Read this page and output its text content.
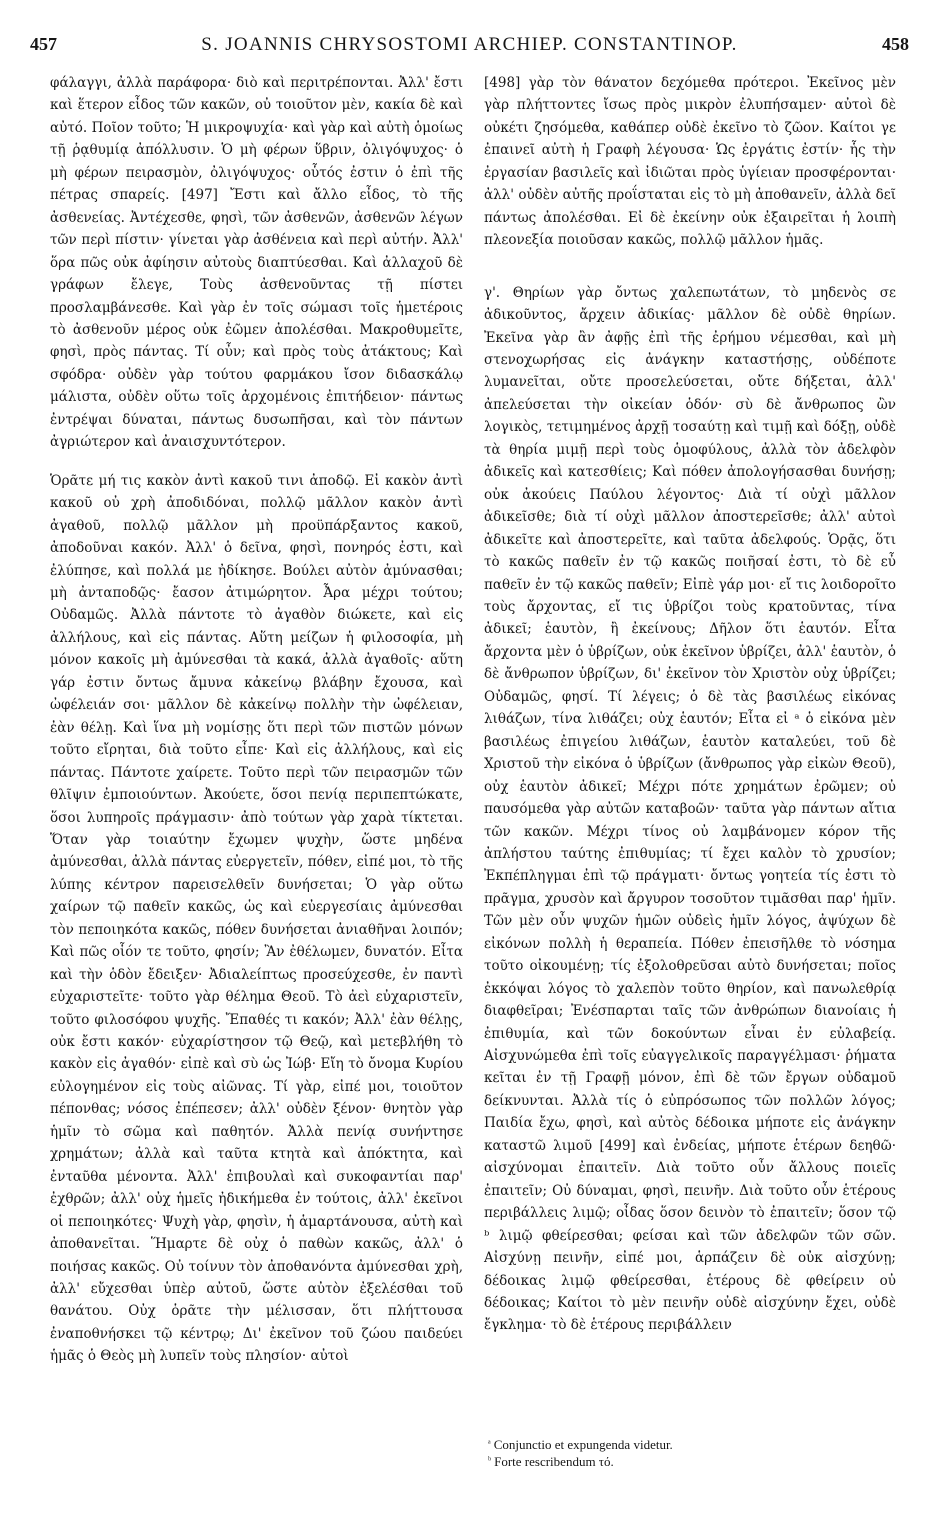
457	S. JOANNIS CHRYSOSTOMI ARCHIEP. CONSTANTINOP.	458

φάλαγγι, ἀλλὰ παράφορα· διὸ καὶ περιτρέπονται. Ἀλλ' ἔστι καὶ ἕτερον εἶδος τῶν κακῶν, οὐ τοιοῦτον μὲν, κακία δὲ καὶ αὐτό. Ποῖον τοῦτο; Ἡ μικροψυχία· καὶ γὰρ καὶ αὐτὴ ὁμοίως τῇ ῥᾳθυμίᾳ ἀπόλλυσιν. Ὁ μὴ φέρων ὕβριν, ὀλιγόψυχος· ὁ μὴ φέρων πειρασμὸν, ὀλιγόψυχος· οὗτός ἐστιν ὁ ἐπὶ τῆς πέτρας σπαρείς. [497] Ἔστι καὶ ἄλλο εἶδος, τὸ τῆς ἀσθενείας. Ἀντέχεσθε, φησὶ, τῶν ἀσθενῶν, ἀσθενῶν λέγων τῶν περὶ πίστιν· γίνεται γὰρ ἀσθένεια καὶ περὶ αὐτήν. Ἀλλ' ὅρα πῶς οὐκ ἀφίησιν αὐτοὺς διαπτύεσθαι. Καὶ ἀλλαχοῦ δὲ γράφων ἔλεγε, Τοὺς ἀσθενοῦντας τῇ πίστει προσλαμβάνεσθε. Καὶ γὰρ ἐν τοῖς σώμασι τοῖς ἡμετέροις τὸ ἀσθενοῦν μέρος οὐκ ἐῶμεν ἀπολέσθαι. Μακροθυμεῖτε, φησὶ, πρὸς πάντας. Τί οὖν; καὶ πρὸς τοὺς ἀτάκτους; Καὶ σφόδρα· οὐδὲν γὰρ τούτου φαρμάκου ἴσον διδασκάλῳ μάλιστα, οὐδὲν οὕτω τοῖς ἀρχομένοις ἐπιτήδειον· πάντως ἐντρέψαι δύναται, πάντως δυσωπῆσαι, καὶ τὸν πάντων ἀγριώτερον καὶ ἀναισχυντότερον.

Ὁρᾶτε μή τις κακὸν ἀντὶ κακοῦ τινι ἀποδῷ. Εἰ κακὸν ἀντὶ κακοῦ οὐ χρὴ ἀποδιδόναι, πολλῷ μᾶλλον κακὸν ἀντὶ ἀγαθοῦ, πολλῷ μᾶλλον μὴ προϋπάρξαντος κακοῦ, ἀποδοῦναι κακόν. Ἀλλ' ὁ δεῖνα, φησὶ, πονηρός ἐστι, καὶ ἐλύπησε, καὶ πολλά με ἠδίκησε. Βούλει αὐτὸν ἀμύνασθαι; μὴ ἀνταποδῷς· ἔασον ἀτιμώρητον. Ἆρα μέχρι τούτου; Οὐδαμῶς. Ἀλλὰ πάντοτε τὸ ἀγαθὸν διώκετε, καὶ εἰς ἀλλήλους, καὶ εἰς πάντας. Αὕτη μείζων ἡ φιλοσοφία, μὴ μόνον κακοῖς μὴ ἀμύνεσθαι τὰ κακά, ἀλλὰ ἀγαθοῖς· αὕτη γάρ ἐστιν ὄντως ἄμυνα κἀκείνῳ βλάβην ἔχουσα, καὶ ὠφέλειάν σοι· μᾶλλον δὲ κἀκείνῳ πολλὴν τὴν ὠφέλειαν, ἐὰν θέλῃ. Καὶ ἵνα μὴ νομίσῃς ὅτι περὶ τῶν πιστῶν μόνων τοῦτο εἴρηται, διὰ τοῦτο εἶπε· Καὶ εἰς ἀλλήλους, καὶ εἰς πάντας. Πάντοτε χαίρετε. Τοῦτο περὶ τῶν πειρασμῶν τῶν θλῖψιν ἐμποιούντων. Ἀκούετε, ὅσοι πενίᾳ περιπεπτώκατε, ὅσοι λυπηροῖς πράγμασιν· ἀπὸ τούτων γὰρ χαρὰ τίκτεται. Ὅταν γὰρ τοιαύτην ἔχωμεν ψυχὴν, ὥστε μηδένα ἀμύνεσθαι, ἀλλὰ πάντας εὐεργετεῖν, πόθεν, εἰπέ μοι, τὸ τῆς λύπης κέντρον παρεισελθεῖν δυνήσεται; Ὁ γὰρ οὕτω χαίρων τῷ παθεῖν κακῶς, ὡς καὶ εὐεργεσίαις ἀμύνεσθαι τὸν πεποιηκότα κακῶς, πόθεν δυνήσεται ἀνιαθῆναι λοιπόν; Καὶ πῶς οἷόν τε τοῦτο, φησίν; Ἂν ἐθέλωμεν, δυνατόν. Εἶτα καὶ τὴν ὁδὸν ἔδειξεν· Ἀδιαλείπτως προσεύχεσθε, ἐν παντὶ εὐχαριστεῖτε· τοῦτο γὰρ θέλημα Θεοῦ. Τὸ ἀεὶ εὐχαριστεῖν, τοῦτο φιλοσόφου ψυχῆς. Ἔπαθές τι κακόν; Ἀλλ' ἐὰν θέλῃς, οὐκ ἔστι κακόν· εὐχαρίστησον τῷ Θεῷ, καὶ μετεβλήθη τὸ κακὸν εἰς ἀγαθόν· εἰπὲ καὶ σὺ ὡς Ἰώβ· Εἴη τὸ ὄνομα Κυρίου εὐλογημένον εἰς τοὺς αἰῶνας. Τί γὰρ, εἰπέ μοι, τοιοῦτον πέπονθας; νόσος ἐπέπεσεν; ἀλλ' οὐδὲν ξένον· θνητὸν γὰρ ἡμῖν τὸ σῶμα καὶ παθητόν. Ἀλλὰ πενίᾳ συνήντησε χρημάτων; ἀλλὰ καὶ ταῦτα κτητὰ καὶ ἀπόκτητα, καὶ ἐνταῦθα μένοντα. Ἀλλ' ἐπιβουλαὶ καὶ συκοφαντίαι παρ' ἐχθρῶν; ἀλλ' οὐχ ἡμεῖς ἠδικήμεθα ἐν τούτοις, ἀλλ' ἐκεῖνοι οἱ πεποιηκότες· Ψυχὴ γὰρ, φησὶν, ἡ ἁμαρτάνουσα, αὐτὴ καὶ ἀποθανεῖται. Ἥμαρτε δὲ οὐχ ὁ παθὼν κακῶς, ἀλλ' ὁ ποιήσας κακῶς. Οὐ τοίνυν τὸν ἀποθανόντα ἀμύνεσθαι χρὴ, ἀλλ' εὔχεσθαι ὑπὲρ αὐτοῦ, ὥστε αὐτὸν ἐξελέσθαι τοῦ θανάτου. Οὐχ ὁρᾶτε τὴν μέλισσαν, ὅτι πλήττουσα ἐναποθνήσκει τῷ κέντρῳ; Δι' ἐκεῖνον τοῦ ζώου παιδεύει ἡμᾶς ὁ Θεὸς μὴ λυπεῖν τοὺς πλησίον· αὐτοὶ

[498] γὰρ τὸν θάνατον δεχόμεθα πρότεροι. Ἐκεῖνος μὲν γὰρ πλήττοντες ἴσως πρὸς μικρὸν ἐλυπήσαμεν· αὐτοὶ δὲ οὐκέτι ζησόμεθα, καθάπερ οὐδὲ ἐκεῖνο τὸ ζῶον. Καίτοι γε ἐπαινεῖ αὐτὴ ἡ Γραφὴ λέγουσα· Ὡς ἐργάτις ἐστίν· ἧς τὴν ἐργασίαν βασιλεῖς καὶ ἰδιῶται πρὸς ὑγίειαν προσφέρονται· ἀλλ' οὐδὲν αὐτῆς προΐσταται εἰς τὸ μὴ ἀποθανεῖν, ἀλλὰ δεῖ πάντως ἀπολέσθαι. Εἰ δὲ ἐκείνην οὐκ ἐξαιρεῖται ἡ λοιπὴ πλεονεξία ποιοῦσαν κακῶς, πολλῷ μᾶλλον ἡμᾶς.

γ'. Θηρίων γὰρ ὄντως χαλεπωτάτων, τὸ μηδενὸς σε ἀδικοῦντος, ἄρχειν ἀδικίας· μᾶλλον δὲ οὐδὲ θηρίων. Ἐκεῖνα γὰρ ἂν ἀφῇς ἐπὶ τῆς ἐρήμου νέμεσθαι, καὶ μὴ στενοχωρήσας εἰς ἀνάγκην καταστήσῃς, οὐδέποτε λυμανεῖται, οὔτε προσελεύσεται, οὔτε δήξεται, ἀλλ' ἀπελεύσεται τὴν οἰκείαν ὁδόν· σὺ δὲ ἄνθρωπος ὢν λογικὸς, τετιμημένος ἀρχῇ τοσαύτῃ καὶ τιμῇ καὶ δόξῃ, οὐδὲ τὰ θηρία μιμῇ περὶ τοὺς ὁμοφύλους, ἀλλὰ τὸν ἀδελφὸν ἀδικεῖς καὶ κατεσθίεις; Καὶ πόθεν ἀπολογήσασθαι δυνήσῃ; οὐκ ἀκούεις Παύλου λέγοντος· Διὰ τί οὐχὶ μᾶλλον ἀδικεῖσθε; διὰ τί οὐχὶ μᾶλλον ἀποστερεῖσθε; ἀλλ' αὐτοὶ ἀδικεῖτε καὶ ἀποστερεῖτε, καὶ ταῦτα ἀδελφούς. Ὁρᾷς, ὅτι τὸ κακῶς παθεῖν ἐν τῷ κακῶς ποιῆσαί ἐστι, τὸ δὲ εὖ παθεῖν ἐν τῷ κακῶς παθεῖν; Εἰπὲ γάρ μοι· εἴ τις λοιδοροῖτο τοὺς ἄρχοντας, εἴ τις ὑβρίζοι τοὺς κρατοῦντας, τίνα ἀδικεῖ; ἑαυτὸν, ἢ ἐκείνους; Δῆλον ὅτι ἑαυτόν. Εἶτα ἄρχοντα μὲν ὁ ὑβρίζων, οὐκ ἐκεῖνον ὑβρίζει, ἀλλ' ἑαυτὸν, ὁ δὲ ἄνθρωπον ὑβρίζων, δι' ἐκεῖνον τὸν Χριστὸν οὐχ ὑβρίζει; Οὐδαμῶς, φησί. Τί λέγεις; ὁ δὲ τὰς βασιλέως εἰκόνας λιθάζων, τίνα λιθάζει; οὐχ ἑαυτόν; Εἶτα εἰ ᵃ ὁ εἰκόνα μὲν βασιλέως ἐπιγείου λιθάζων, ἑαυτὸν καταλεύει, τοῦ δὲ Χριστοῦ τὴν εἰκόνα ὁ ὑβρίζων (ἄνθρωπος γὰρ εἰκὼν Θεοῦ), οὐχ ἑαυτὸν ἀδικεῖ; Μέχρι πότε χρημάτων ἐρῶμεν; οὐ παυσόμεθα γὰρ αὐτῶν καταβοῶν· ταῦτα γὰρ πάντων αἴτια τῶν κακῶν. Μέχρι τίνος οὐ λαμβάνομεν κόρον τῆς ἀπλήστου ταύτης ἐπιθυμίας; τί ἔχει καλὸν τὸ χρυσίον; Ἐκπέπληγμαι ἐπὶ τῷ πράγματι· ὄντως γοητεία τίς ἐστι τὸ πρᾶγμα, χρυσὸν καὶ ἄργυρον τοσοῦτον τιμᾶσθαι παρ' ἡμῖν. Τῶν μὲν οὖν ψυχῶν ἡμῶν οὐδεὶς ἡμῖν λόγος, ἀψύχων δὲ εἰκόνων πολλὴ ἡ θεραπεία. Πόθεν ἐπεισῆλθε τὸ νόσημα τοῦτο οἰκουμένῃ; τίς ἐξολοθρεῦσαι αὐτὸ δυνήσεται; ποῖος ἐκκόψαι λόγος τὸ χαλεπὸν τοῦτο θηρίον, καὶ πανωλεθρίᾳ διαφθεῖραι; Ἐνέσπαρται ταῖς τῶν ἀνθρώπων διανοίαις ἡ ἐπιθυμία, καὶ τῶν δοκούντων εἶναι ἐν εὐλαβείᾳ. Αἰσχυνώμεθα ἐπὶ τοῖς εὐαγγελικοῖς παραγγέλμασι· ῥήματα κεῖται ἐν τῇ Γραφῇ μόνον, ἐπὶ δὲ τῶν ἔργων οὐδαμοῦ δείκνυνται. Ἀλλὰ τίς ὁ εὐπρόσωπος τῶν πολλῶν λόγος; Παιδία ἔχω, φησὶ, καὶ αὐτὸς δέδοικα μήποτε εἰς ἀνάγκην καταστῶ λιμοῦ [499] καὶ ἐνδείας, μήποτε ἑτέρων δεηθῶ· αἰσχύνομαι ἐπαιτεῖν. Διὰ τοῦτο οὖν ἄλλους ποιεῖς ἐπαιτεῖν; Οὐ δύναμαι, φησὶ, πεινῆν. Διὰ τοῦτο οὖν ἑτέρους περιβάλλεις λιμῷ; οἶδας ὅσον δεινὸν τὸ ἐπαιτεῖν; ὅσον τῷ ᵇ λιμῷ φθείρεσθαι; φείσαι καὶ τῶν ἀδελφῶν τῶν σῶν. Αἰσχύνῃ πεινῆν, εἰπέ μοι, ἁρπάζειν δὲ οὐκ αἰσχύνῃ; δέδοικας λιμῷ φθείρεσθαι, ἑτέρους δὲ φθείρειν οὐ δέδοικας; Καίτοι τὸ μὲν πεινῆν οὐδὲ αἰσχύνην ἔχει, οὐδὲ ἔγκλημα· τὸ δὲ ἑτέρους περιβάλλειν

$^ᵃ$ Conjunctio et expungenda videtur.
$^ᵇ$ Forte rescribendum τό.
